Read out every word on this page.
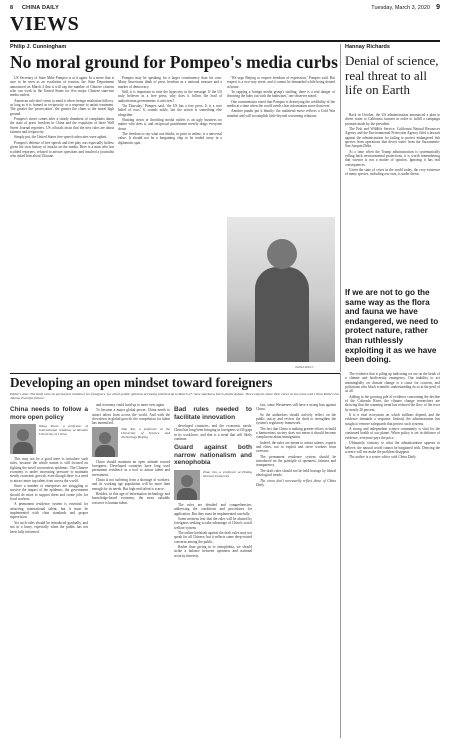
8 CHINA DAILY	Tuesday, March 3, 2020 9
VIEWS
Philip J. Cunningham
No moral ground for Pompeo's media curbs

US Secretary of State Mike Pompeo is at it again. In a move that is sure to be seen as an escalation of tension, the State Department announced on March 2 that it will cap the number of Chinese citizens who can work in the United States for five major Chinese state-run media outlets.

American rule don't seem to mind it when foreign retaliation follows, as long as it is framed as reciprocity or a response to unfair treatment. The greater the 'provocation', the greater the claim to the moral high ground.

Pompeo's move comes after a steady drumbeat of complaints about the state of press freedom in China and the expulsion of three Wall Street Journal reporters. US officials insist that the new rules are about fairness and reciprocity.

Simply put, the United States free speech advocates were aghast.

Pompeo's defense of free speech and free play was especially hollow given his own history of attacks on the media. Here is a man who has scolded reporters, refused to answer questions and insulted a journalist who asked him about Ukraine.

Pompeo may be speaking for a larger constituency than his own. Many Americans think of press freedom as a national treasure and a marker of democracy.

Still, it is important to note the hypocrisy in the message. If the US truly believes in a free press, why does it follow the lead of authoritarian governments it criticizes?

'On Thursday,' Pompeo said, 'the US has a free press. It is a core belief of ours.' It sounds noble, but the action is something else altogether.

Shutting down or throttling media outlets is an ugly business no matter who does it, and reciprocal punishment merely drags everyone down.

The freedom to say what one thinks, in print or online, is a universal value. It should not be a bargaining chip to be traded away in a diplomatic spat.

'We urge Beijing to respect freedom of expression,' Pompeo said. But respect is a two-way street, and it cannot be demanded while being denied at home.

'In capping a foreign media group's staffing, there is a real danger of throwing the baby out with the bathwater,' one observer noted.

One commentator noted that Pompeo is destroying the credibility of the media at a time when the world needs clear information more than ever.

Another pundit put it bluntly: the unilateral move reflects a Cold War mindset and will accomplish little beyond worsening relations.

CHINA DAILY
Hannay Richards
Denial of science, real threat to all life on Earth

Back in October, the US administration announced a plan to divert water to California farmers in order to fulfill a campaign promise made by the president.

The Fish and Wildlife Service, California Natural Resources Agency and the Environmental Protection Agency filed a lawsuit against the administration for failing to protect endangered fish species from operations that divert water from the Sacramento-San Joaquin Delta.

At a time when the Trump administration is systematically rolling back environmental protections, it is worth remembering that science is not a matter of opinion. Ignoring it has real consequences.

Given the state of crises in the world today, the very existence of many species, including our own, is under threat.

If we are not to go the same way as the flora and fauna we have endangered, we need to protect nature, rather than ruthlessly exploiting it as we have been doing.

The evidence that is piling up indicating we are on the brink of a climate and biodiversity emergency. Our inability to act meaningfully on climate change is a cause for concern, and politicians who block scientific understanding do so at the peril of us all.

Adding to the growing pile of evidence concerning the decline of the Colorado River, the climate change researchers are showing that the warming trend has reduced the flow of the river by nearly 20 percent.

It is a vital ecosystem on which millions depend, and the evidence demands a response. Instead, the administration has sought to remove safeguards that protect such systems.

A strong and independent science community is vital for the continued health of our planet. When policy is set in defiance of evidence, everyone pays the price.

Ultimately, contrary to what the administration appears to believe, the natural world cannot be bargained with. Denying the science will not make the problem disappear.

The author is a senior editor with China Daily.

Developing an open mindset toward foreigners
Editor's note: The draft rules on permanent residence for foreigners, for which public opinions are being solicited up to March 27, have sparked a fierce public debate. Three experts share their views on the issue with China Daily's Liu Jianna. Excerpts follow:
China needs to follow a more open policy
Wang Yiwei, a professor of international relations at Renmin University of China

This may not be a good time to introduce such rules, because the whole nation is still focused on fighting the novel coronavirus epidemic. The Chinese economy is under increasing pressure to maintain steady economic growth, even though there is a need to attract more top talent from across the world.

Since a number of enterprises are struggling to survive the impact of the epidemic, the government should do more to support them and create jobs for local workers.

A permanent residence system is essential for attracting international talent, but it must be implemented with clear standards and proper supervision.

Yet such rules should be introduced gradually, and not in a hurry, especially when the public has not been fully informed.

and economy could fund up to more over again.

To become a major global power, China needs to attract talent from across the world. And with the slowdown in global growth, the competition for talent has intensified.

Tian Xin, a professor at the University of Science and Technology Beijing

China should maintain an open attitude toward foreigners. Developed countries have long used permanent residence as a tool to attract talent and investment.

China is not suffering from a shortage of workers, and its working age population will be more than enough for its needs. But high-end talent is scarce.

Besides, in this age of information technology and knowledge-based economy, the most valuable resource is human talent.

Bad rules needed to facilitate innovation

developed countries, and the economic needs. China has long been bringing in foreigners to fill gaps in its workforce, and that is a trend that will likely continue.

Guard against both narrow nationalism and xenophobia
Zhao Jun, a professor at Peking Normal University

The rules are detailed and comprehensive, addressing the conditions and procedures for application. But they must be implemented carefully.

Some netizens fear that the rules will be abused by foreigners seeking to take advantage of China's social welfare system.

The online backlash against the draft rules may not speak for all Chinese, but it reflects some deep-rooted concerns among the public.

Rather than giving in to xenophobia, we should strike a balance between openness and national security interests.

fact, some Westerners still have a strong bias against China.

So the authorities should actively reflect on the public outcry and review the draft to strengthen the system's regulatory framework.

The fact that China is making greater efforts to build a harmonious society does not mean it should become complacent about immigration.

Indeed, the rules are meant to attract talents, experts and elites, not to exploit and serve workers from overseas.

The permanent residence system should be introduced on the principle of openness, fairness and transparency.

The draft rules should not be held hostage by liberal ideological trends.

The views don't necessarily reflect those of China Daily.
